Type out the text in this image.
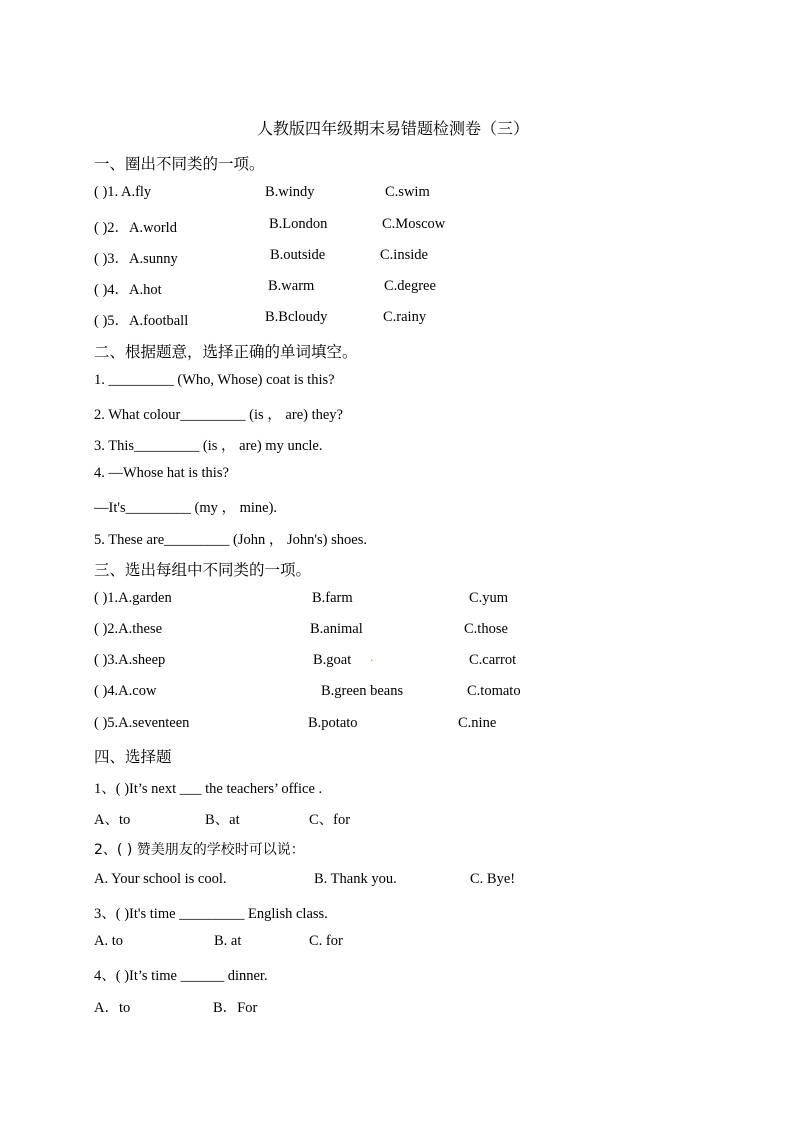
人教版四年级期末易错题检测卷（三）
一、圈出不同类的一项。
( )1. A.fly	B.windy	C.swim
( )2．A.world	B.London	C.Moscow
( )3．A.sunny	B.outside	C.inside
( )4．A.hot	B.warm	C.degree
( )5．A.football	B.Bcloudy	C.rainy
二、根据题意，选择正确的单词填空。
1. _________ (Who, Whose) coat is this?
2. What colour_________ (is ， are) they?
3. This_________ (is ， are) my uncle.
4. —Whose hat is this?
—It's_________ (my ， mine).
5. These are_________ (John ， John's) shoes.
三、选出每组中不同类的一项。
( )1.A.garden	B.farm	C.yum
( )2.A.these	B.animal	C.those
( )3.A.sheep	B.goat .	C.carrot
( )4.A.cow	B.green beans	C.tomato
( )5.A.seventeen	B.potato	C.nine
四、选择题
1、( )It’s next ___ the teachers’ office .
A、to	B、at	C、for
2、( ) 赞美朋友的学校时可以说：
A. Your school is cool.	B. Thank you.	C. Bye!
3、( )It's time _________ English class.
A. to	B. at	C. for
4、( )It’s time ______ dinner.
A．to	B．For
